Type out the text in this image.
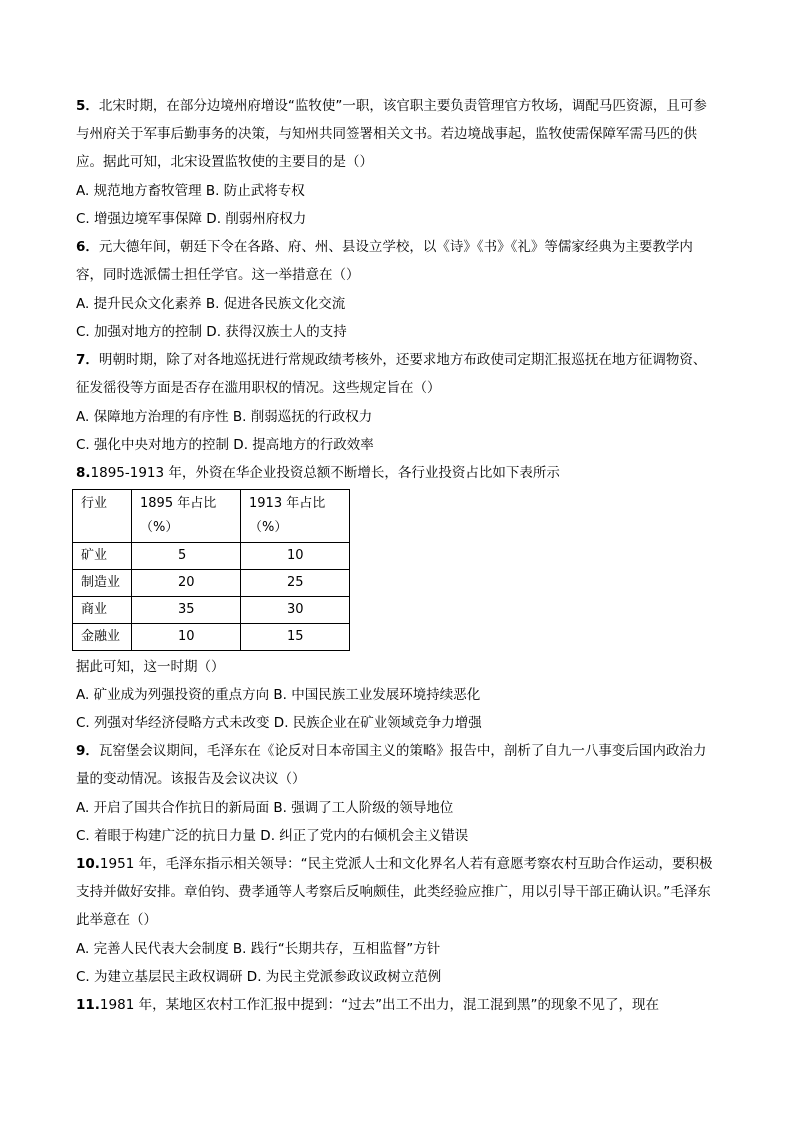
5．北宋时期，在部分边境州府增设“监牧使”一职，该官职主要负责管理官方牧场，调配马匹资源，且可参与州府关于军事后勤事务的决策，与知州共同签署相关文书。若边境战事起，监牧使需保障军需马匹的供应。据此可知，北宋设置监牧使的主要目的是（）

A. 规范地方畜牧管理 B. 防止武将专权

C. 增强边境军事保障 D. 削弱州府权力

6．元大德年间，朝廷下令在各路、府、州、县设立学校，以《诗》《书》《礼》等儒家经典为主要教学内容，同时选派儒士担任学官。这一举措意在（）

A. 提升民众文化素养 B. 促进各民族文化交流

C. 加强对地方的控制 D. 获得汉族士人的支持

7．明朝时期，除了对各地巡抚进行常规政绩考核外，还要求地方布政使司定期汇报巡抚在地方征调物资、征发徭役等方面是否存在滥用职权的情况。这些规定旨在（）

A. 保障地方治理的有序性 B. 削弱巡抚的行政权力

C. 强化中央对地方的控制 D. 提高地方的行政效率

8.1895-1913 年，外资在华企业投资总额不断增长，各行业投资占比如下表所示

行业	1895 年占比（%）	1913 年占比（%）
矿业	5	10
制造业	20	25
商业	35	30
金融业	10	15

据此可知，这一时期（）

A. 矿业成为列强投资的重点方向 B. 中国民族工业发展环境持续恶化

C. 列强对华经济侵略方式未改变 D. 民族企业在矿业领域竞争力增强

9．瓦窑堡会议期间，毛泽东在《论反对日本帝国主义的策略》报告中，剖析了自九一八事变后国内政治力量的变动情况。该报告及会议决议（）

A. 开启了国共合作抗日的新局面 B. 强调了工人阶级的领导地位

C. 着眼于构建广泛的抗日力量 D. 纠正了党内的右倾机会主义错误

10.1951 年，毛泽东指示相关领导：“民主党派人士和文化界名人若有意愿考察农村互助合作运动，要积极支持并做好安排。章伯钧、费孝通等人考察后反响颇佳，此类经验应推广，用以引导干部正确认识。”毛泽东此举意在（）

A. 完善人民代表大会制度 B. 践行“长期共存，互相监督”方针

C. 为建立基层民主政权调研 D. 为民主党派参政议政树立范例

11.1981 年，某地区农村工作汇报中提到：“过去”出工不出力，混工混到黑”的现象不见了，现在
